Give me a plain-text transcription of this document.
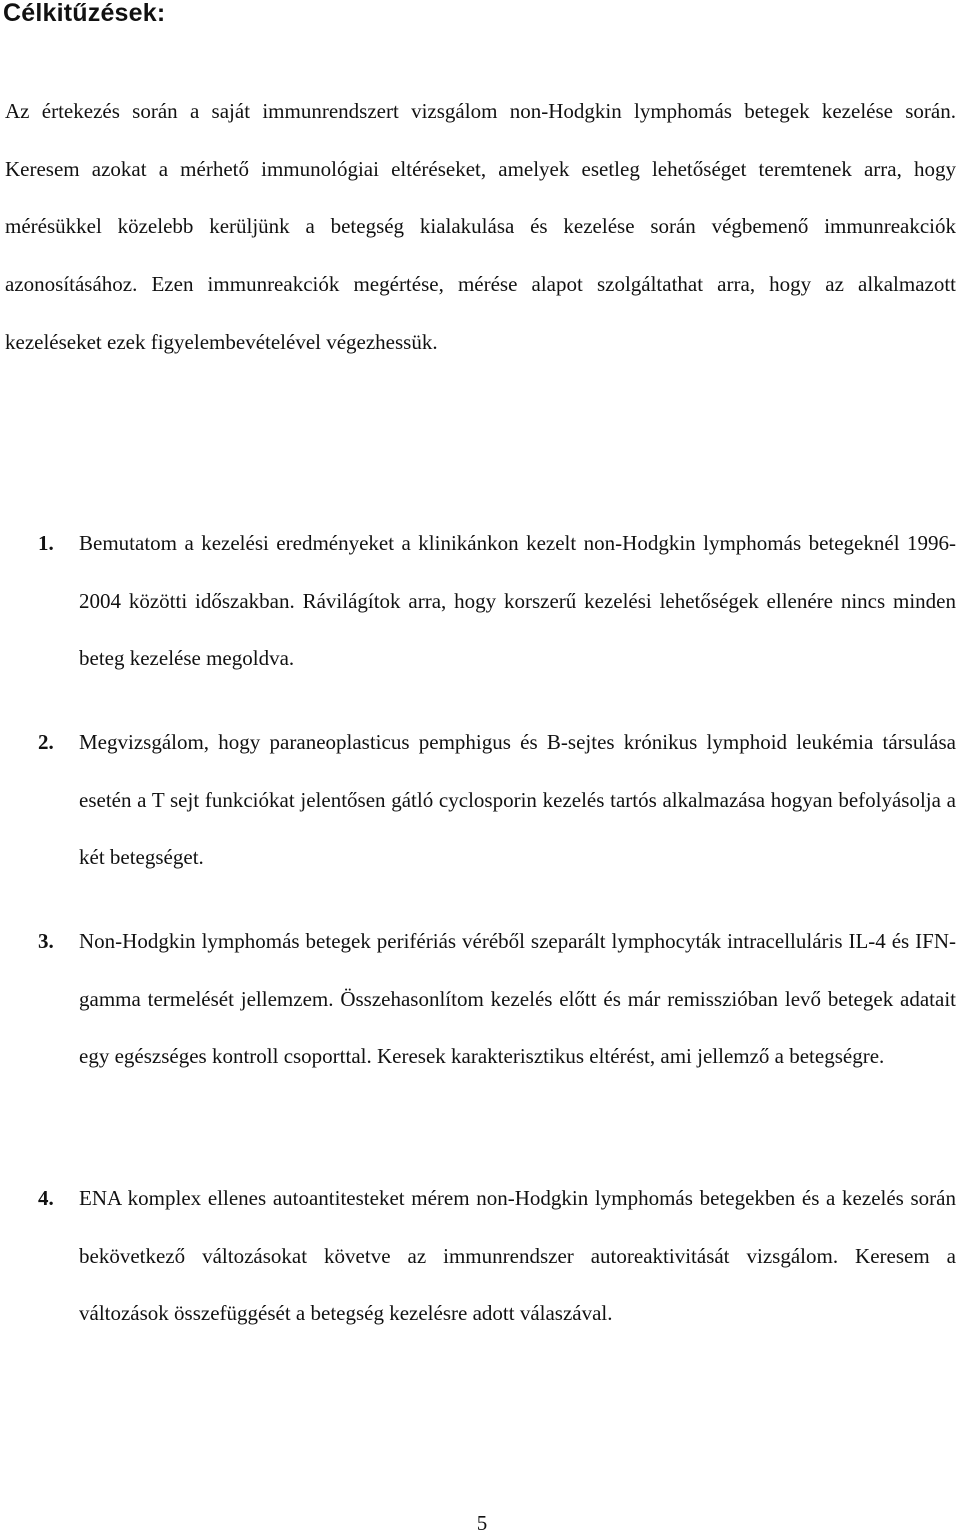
Célkitűzések:

Az értekezés során a saját immunrendszert vizsgálom non-Hodgkin lymphomás betegek kezelése során. Keresem azokat a mérhető immunológiai eltéréseket, amelyek esetleg lehetőséget teremtenek arra, hogy mérésükkel közelebb kerüljünk a betegség kialakulása és kezelése során végbemenő immunreakciók azonosításához. Ezen immunreakciók megértése, mérése alapot szolgáltathat arra, hogy az alkalmazott kezeléseket ezek figyelembevételével végezhessük.

1. Bemutatom a kezelési eredményeket a klinikánkon kezelt non-Hodgkin lymphomás betegeknél 1996-2004 közötti időszakban. Rávilágítok arra, hogy korszerű kezelési lehetőségek ellenére nincs minden beteg kezelése megoldva.

2. Megvizsgálom, hogy paraneoplasticus pemphigus és B-sejtes krónikus lymphoid leukémia társulása esetén a T sejt funkciókat jelentősen gátló cyclosporin kezelés tartós alkalmazása hogyan befolyásolja a két betegséget.

3. Non-Hodgkin lymphomás betegek perifériás véréből szeparált lymphocyták intracelluláris IL-4 és IFN-gamma termelését jellemzem. Összehasonlítom kezelés előtt és már remisszióban levő betegek adatait egy egészséges kontroll csoporttal. Keresek karakterisztikus eltérést, ami jellemző a betegségre.

4. ENA komplex ellenes autoantitesteket mérem non-Hodgkin lymphomás betegekben és a kezelés során bekövetkező változásokat követve az immunrendszer autoreaktivitását vizsgálom. Keresem a változások összefüggését a betegség kezelésre adott válaszával.

5
